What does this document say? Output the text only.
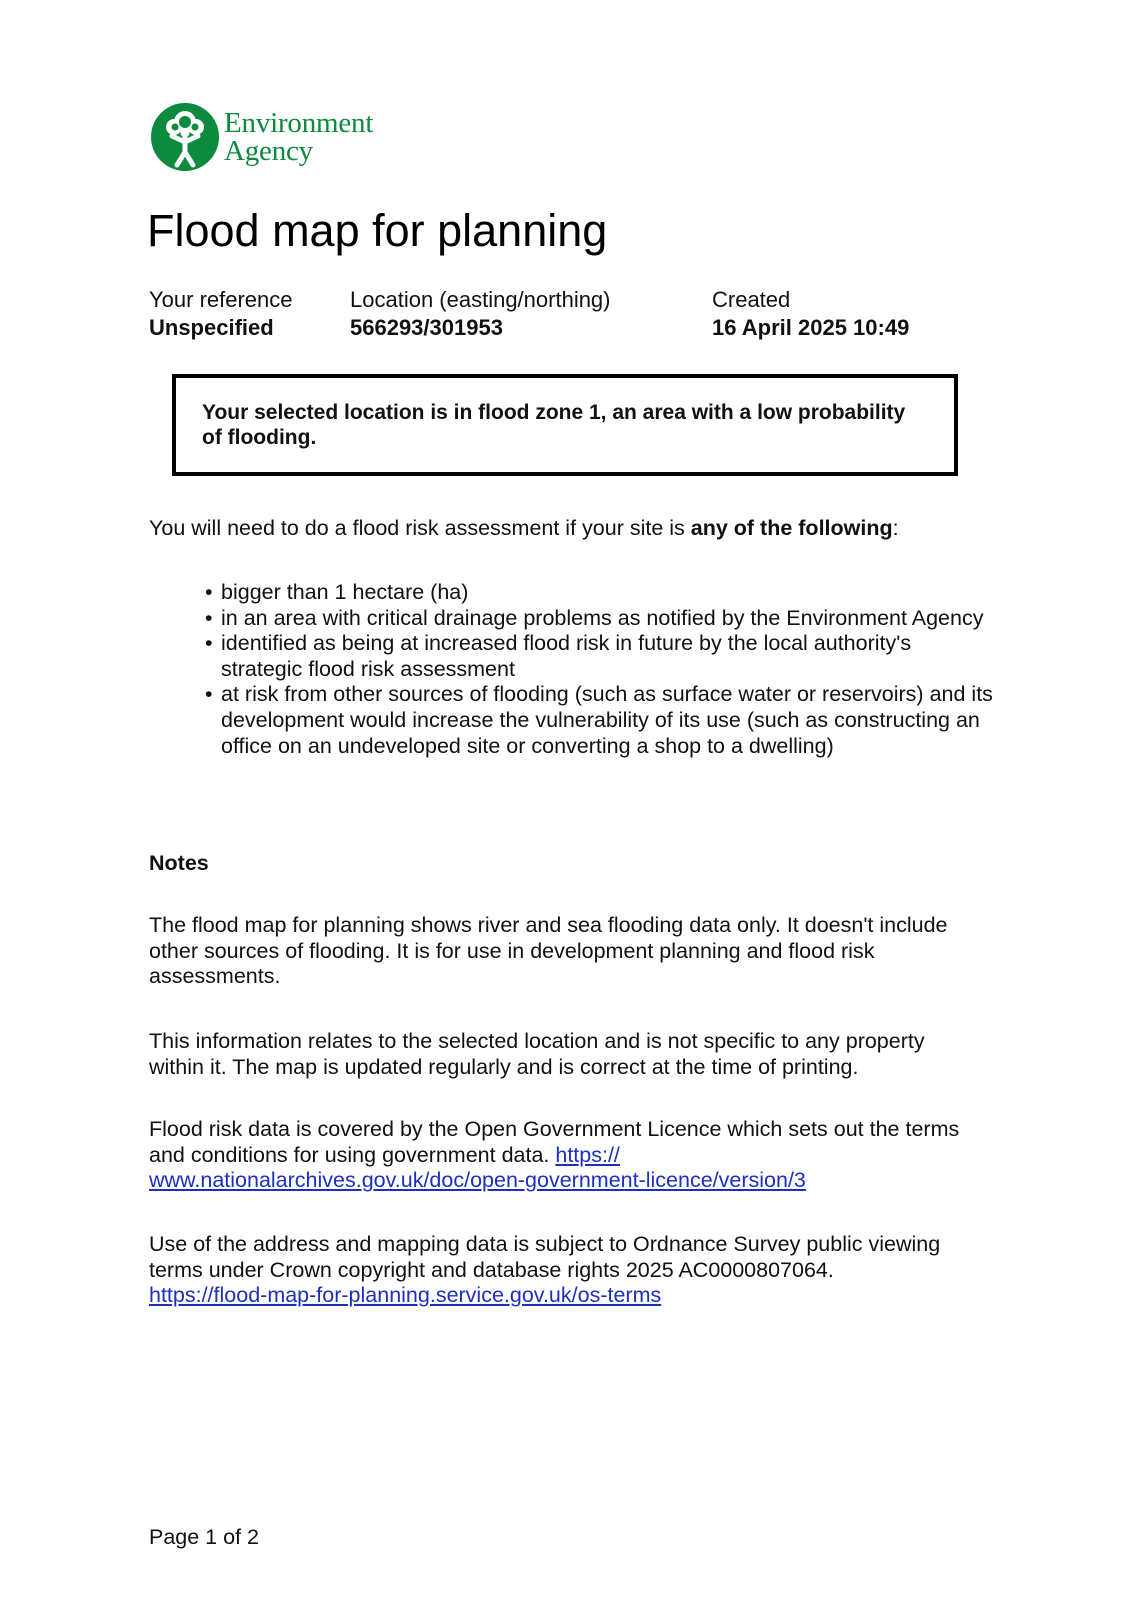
Environment
Agency
Flood map for planning
Your reference
Unspecified
Location (easting/northing)
566293/301953
Created
16 April 2025 10:49
Your selected location is in flood zone 1, an area with a low probability of flooding.

You will need to do a flood risk assessment if your site is any of the following:

• bigger than 1 hectare (ha)
• in an area with critical drainage problems as notified by the Environment Agency
• identified as being at increased flood risk in future by the local authority's strategic flood risk assessment
• at risk from other sources of flooding (such as surface water or reservoirs) and its development would increase the vulnerability of its use (such as constructing an office on an undeveloped site or converting a shop to a dwelling)
Notes

The flood map for planning shows river and sea flooding data only. It doesn't include other sources of flooding. It is for use in development planning and flood risk assessments.

This information relates to the selected location and is not specific to any property within it. The map is updated regularly and is correct at the time of printing.

Flood risk data is covered by the Open Government Licence which sets out the terms and conditions for using government data. https://
www.nationalarchives.gov.uk/doc/open-government-licence/version/3

Use of the address and mapping data is subject to Ordnance Survey public viewing terms under Crown copyright and database rights 2025 AC0000807064.
https://flood-map-for-planning.service.gov.uk/os-terms

Page 1 of 2
